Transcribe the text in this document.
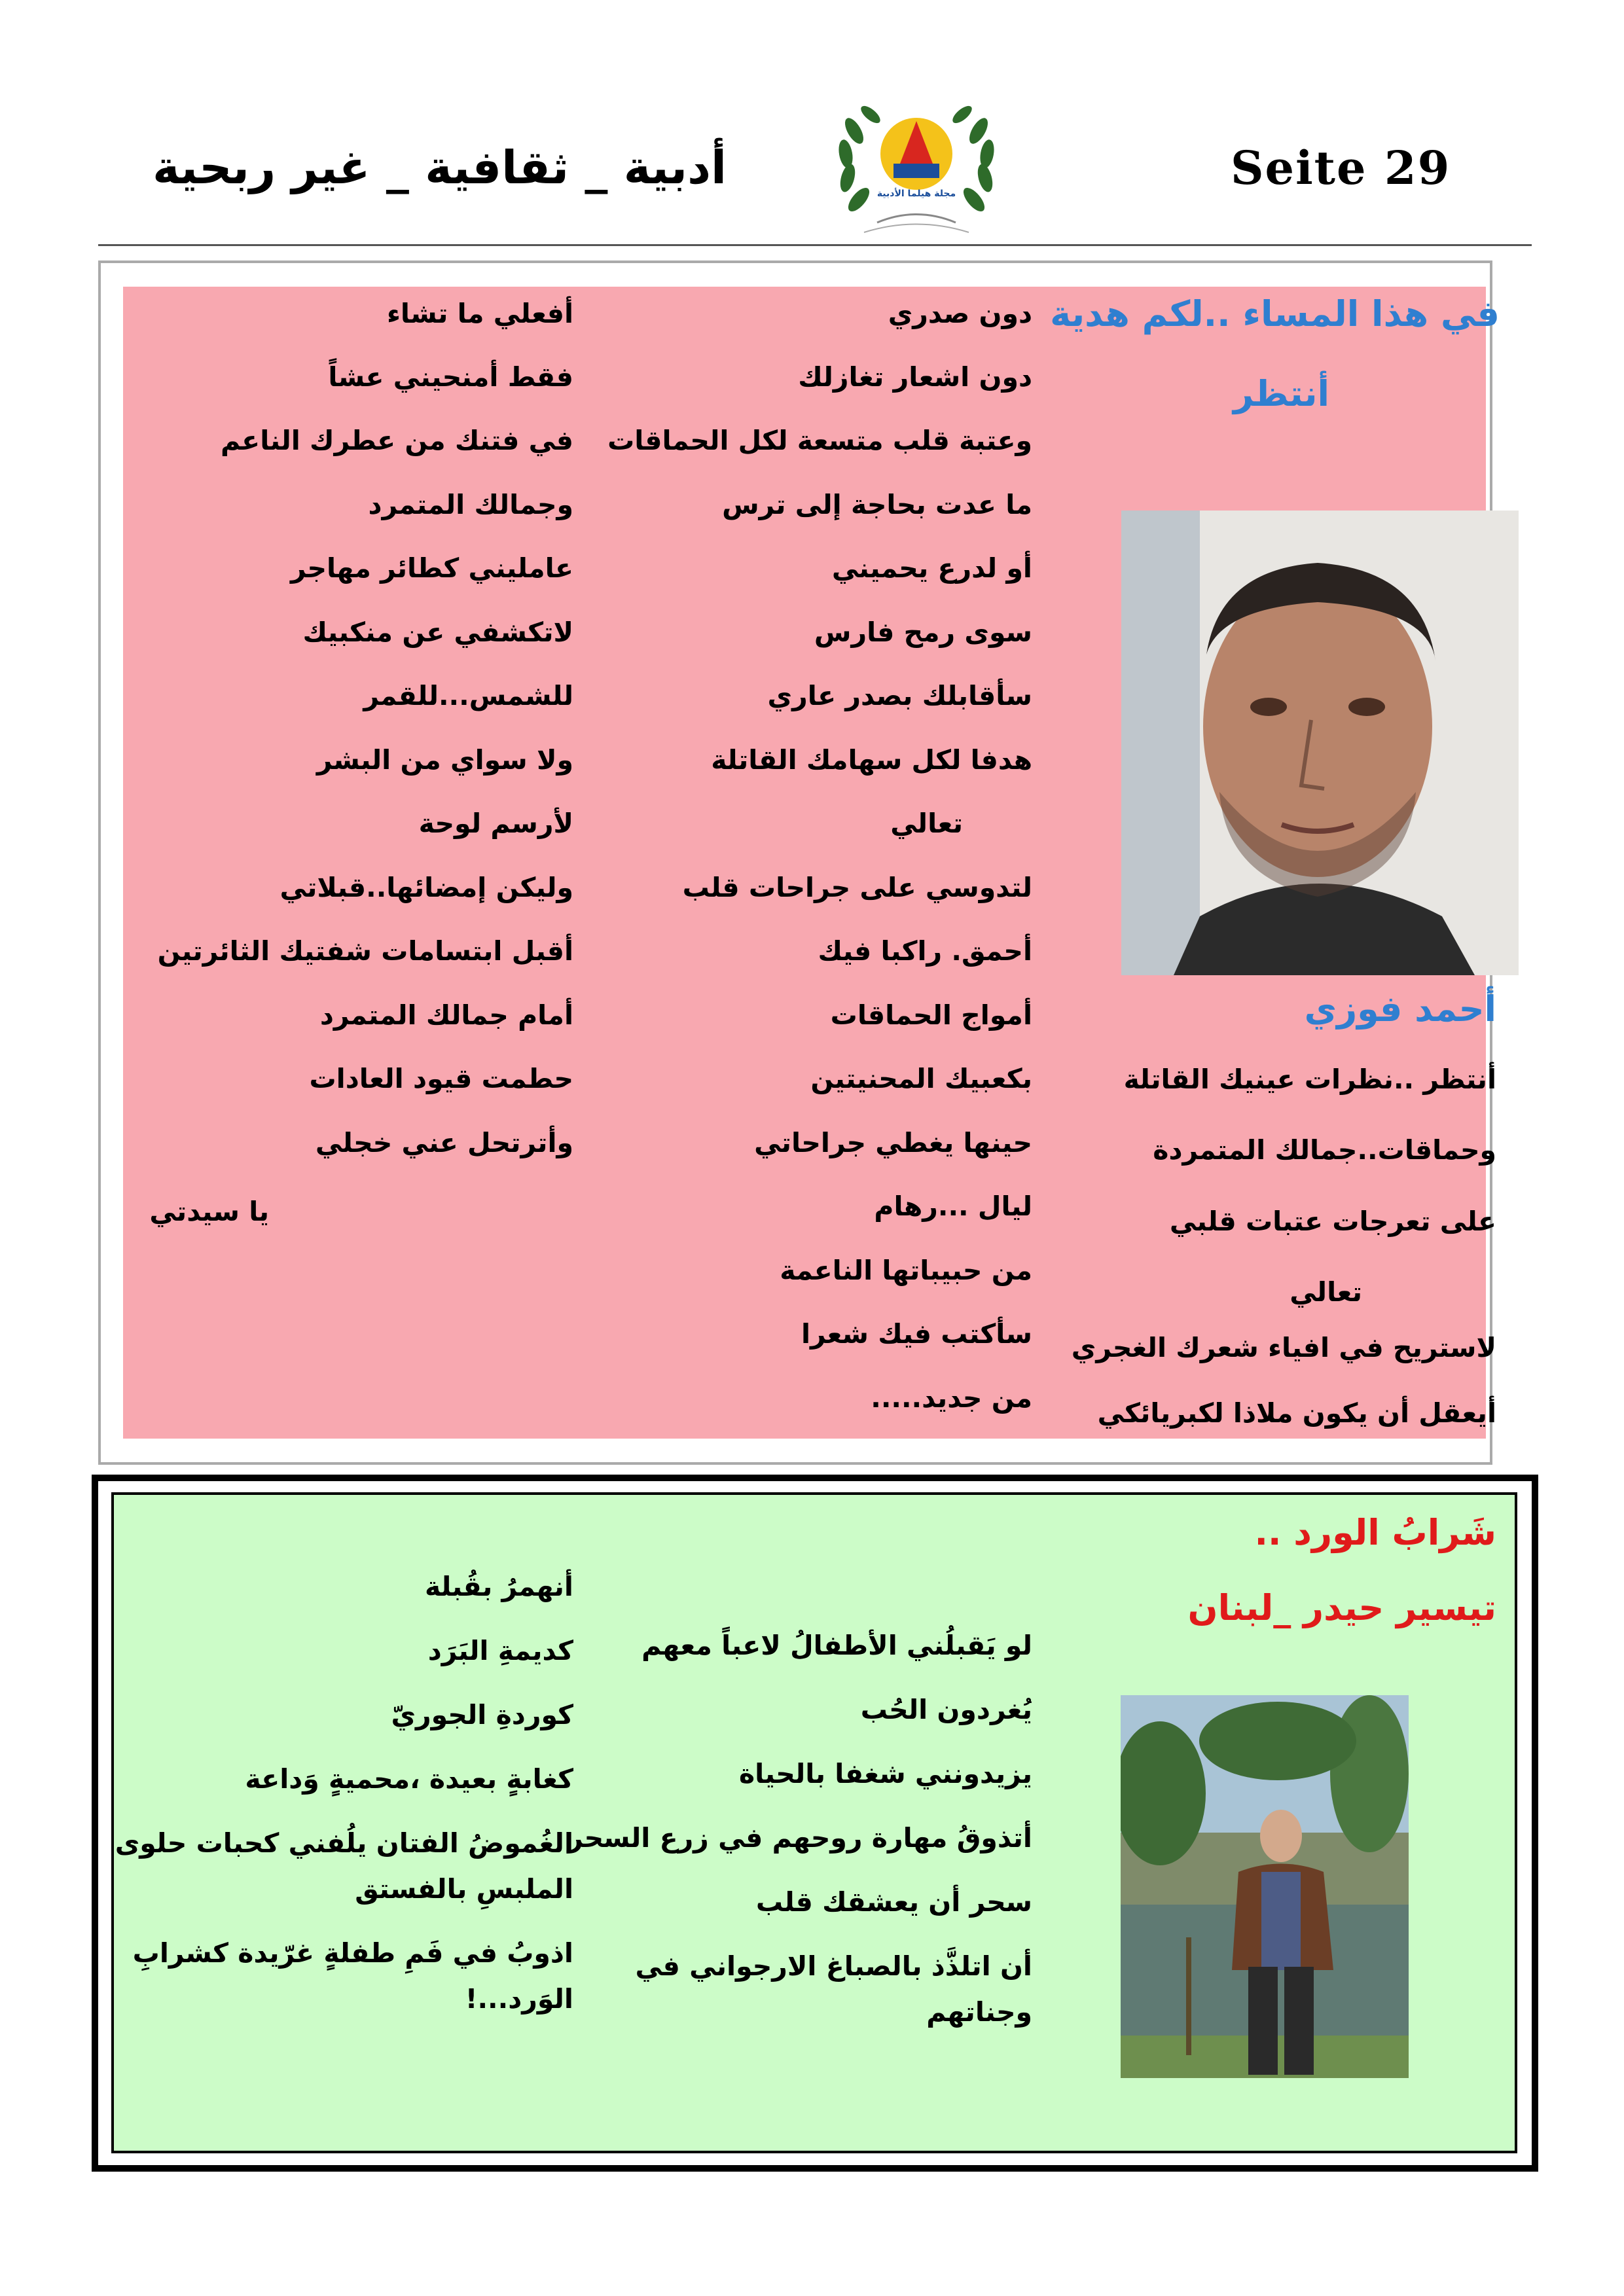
أدبية _ ثقافية _ غير ربحية	Seite 29
مجلة هيلما الأدبية
في هذا المساء ..لكم هدية
أنتظر
أحمد فوزي
أنتظر ..نظرات عينيك القاتلة
وحماقات..جمالك المتمردة
على تعرجات عتبات قلبي
تعالي
لاستريح في افياء شعرك الغجري
أيعقل أن يكون ملاذا لكبريائكي
دون صدري
دون اشعار تغازلك
وعتبة قلب متسعة لكل الحماقات
ما عدت بحاجة إلى ترس
أو لدرع يحميني
سوى رمح فارس
سأقابلك بصدر عاري
هدفا لكل سهامك القاتلة
تعالي
لتدوسي على جراحات قلب
أحمق. راكبا فيك
أمواج الحماقات
بكعبيك المحنيتين
حينها يغطي جراحاتي
ليال ...رهام
من حبيباتها الناعمة
سأكتب فيك شعرا
من جديد.....
أفعلي ما تشاء
فقط أمنحيني عشاً
في فتنك من عطرك الناعم
وجمالك المتمرد
عامليني كطائر مهاجر
لاتكشفي عن منكبيك
للشمس...للقمر
ولا سواي من البشر
لأرسم لوحة
وليكن إمضائها..قبلاتي
أقبل ابتسامات شفتيك الثائرتين
أمام جمالك المتمرد
حطمت قيود العادات
وأترتحل عني خجلي
يا سيدتي
شَرابُ الورد ..
تيسير حيدر _لبنان
لو يَقبلُني الأطفالُ لاعباً معهم
يُغردون الحُب
يزيدونني شغفا بالحياة
أتذوقُ مهارة روحهم في زرع السحر
سحر أن يعشقك قلب
أن اتلذَّذ بالصباغ الارجواني في
وجناتهم
أنهمرُ بقُبلة
كديمةِ البَرَد
كوردةِ الجوريّ
كغابةٍ بعيدة ،محميةٍ وَداعة
الغُموضُ الفتان يلُفني كحبات حلوى
الملبسِ بالفستق
اذوبُ في فَمِ طفلةٍ غرّيدة كشرابِ
الوَرد...!
